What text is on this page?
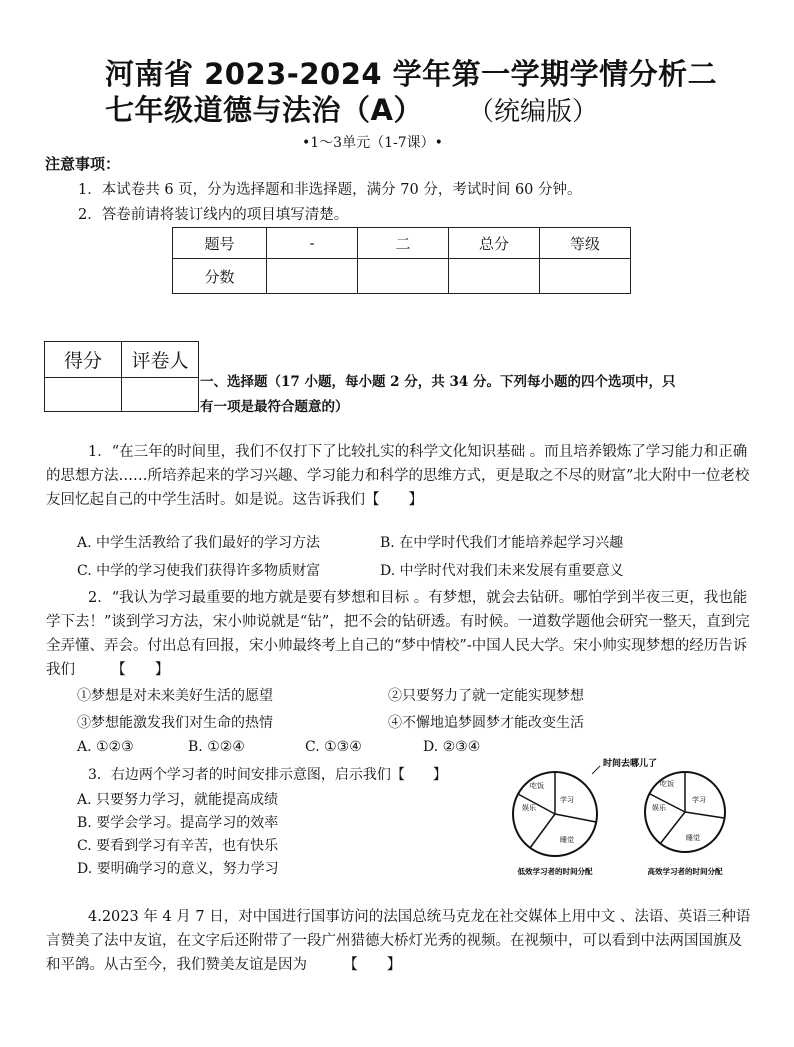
河南省 2023-2024 学年第一学期学情分析二
七年级道德与法治（A） （统编版）
•1～3单元（1-7课）•
注意事项：
1．本试卷共 6 页，分为选择题和非选择题，满分 70 分，考试时间 60 分钟。
2．答卷前请将装订线内的项目填写清楚。
题号	-	二	总分	等级
分数				
得分	评卷人

一、选择题（17 小题，每小题 2 分，共 34 分。下列每小题的四个选项中，只
有一项是最符合题意的）
1．“在三年的时间里，我们不仅打下了比较扎实的科学文化知识基础 。而且培养锻炼了学习能力和正确的思想方法……所培养起来的学习兴趣、学习能力和科学的思维方式，更是取之不尽的财富”北大附中一位老校友回忆起自己的中学生活时。如是说。这告诉我们【　　】
A. 中学生活教给了我们最好的学习方法	B. 在中学时代我们才能培养起学习兴趣
C. 中学的学习使我们获得许多物质财富	D. 中学时代对我们未来发展有重要意义
2．“我认为学习最重要的地方就是要有梦想和目标 。有梦想，就会去钻研。哪怕学到半夜三更，我也能学下去！”谈到学习方法，宋小帅说就是“钻”，把不会的钻研透。有时候。一道数学题他会研究一整天，直到完全弄懂、弄会。付出总有回报，宋小帅最终考上自己的“梦中情校”-中国人民大学。宋小帅实现梦想的经历告诉我们　　　【　　】
①梦想是对未来美好生活的愿望	②只要努力了就一定能实现梦想
③梦想能激发我们对生命的热情	④不懈地追梦圆梦才能改变生活
A. ①②③	B. ①②④	C. ①③④	D. ②③④
3．右边两个学习者的时间安排示意图，启示我们【　　】
A. 只要努力学习，就能提高成绩
B. 要学会学习。提高学习的效率
C. 要看到学习有辛苦，也有快乐
D. 要明确学习的意义，努力学习
时间去哪儿了
学习
娱乐
睡觉
吃饭
学习
娱乐
睡觉
吃饭
低效学习者的时间分配	高效学习者的时间分配
4.2023 年 4 月 7 日，对中国进行国事访问的法国总统马克龙在社交媒体上用中文 、法语、英语三种语言赞美了法中友谊，在文字后还附带了一段广州猎德大桥灯光秀的视频。在视频中，可以看到中法两国国旗及和平鸽。从古至今，我们赞美友谊是因为　　　【　　】
